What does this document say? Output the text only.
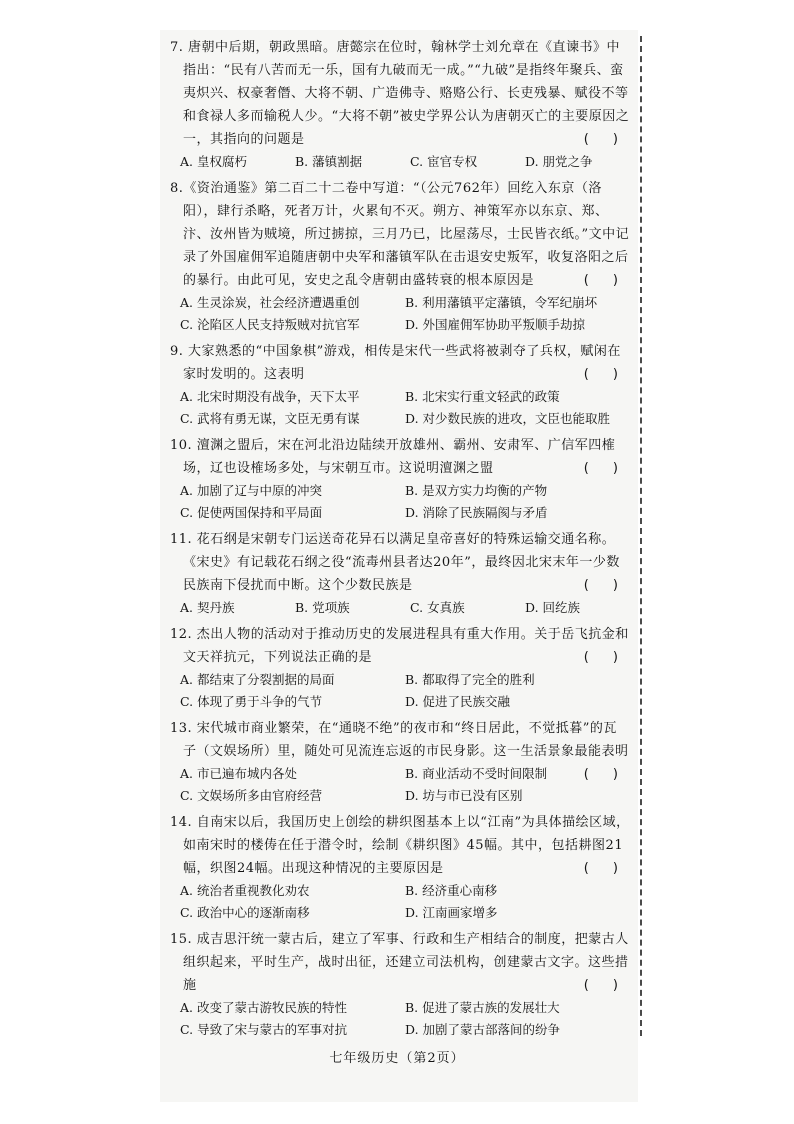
7. 唐朝中后期，朝政黑暗。唐懿宗在位时，翰林学士刘允章在《直谏书》中指出：“民有八苦而无一乐，国有九破而无一成。”“九破”是指终年聚兵、蛮夷炽兴、权豪奢僭、大将不朝、广造佛寺、赂赂公行、长吏残暴、赋役不等和食禄人多而输税人少。“大将不朝”被史学界公认为唐朝灭亡的主要原因之一，其指向的问题是	( )

A. 皇权腐朽	B. 藩镇割据	C. 宦官专权	D. 朋党之争

8.《资治通鉴》第二百二十二卷中写道：“（公元762年）回纥入东京（洛阳），肆行杀略，死者万计，火累旬不灭。朔方、神策军亦以东京、郑、汴、汝州皆为贼境，所过掳掠，三月乃已，比屋荡尽，士民皆衣纸。”文中记录了外国雇佣军追随唐朝中央军和藩镇军队在击退安史叛军，收复洛阳之后的暴行。由此可见，安史之乱令唐朝由盛转衰的根本原因是	( )

A. 生灵涂炭，社会经济遭遇重创	B. 利用藩镇平定藩镇，令军纪崩坏
C. 沦陷区人民支持叛贼对抗官军	D. 外国雇佣军协助平叛顺手劫掠

9. 大家熟悉的“中国象棋”游戏，相传是宋代一些武将被剥夺了兵权，赋闲在家时发明的。这表明	( )

A. 北宋时期没有战争，天下太平	B. 北宋实行重文轻武的政策
C. 武将有勇无谋，文臣无勇有谋	D. 对少数民族的进攻，文臣也能取胜

10. 澶渊之盟后，宋在河北沿边陆续开放雄州、霸州、安肃军、广信军四榷场，辽也设榷场多处，与宋朝互市。这说明澶渊之盟	( )

A. 加剧了辽与中原的冲突	B. 是双方实力均衡的产物
C. 促使两国保持和平局面	D. 消除了民族隔阂与矛盾

11. 花石纲是宋朝专门运送奇花异石以满足皇帝喜好的特殊运输交通名称。《宋史》有记载花石纲之役“流毒州县者达20年”，最终因北宋末年一少数民族南下侵扰而中断。这个少数民族是	( )

A. 契丹族	B. 党项族	C. 女真族	D. 回纥族

12. 杰出人物的活动对于推动历史的发展进程具有重大作用。关于岳飞抗金和文天祥抗元，下列说法正确的是	( )

A. 都结束了分裂割据的局面	B. 都取得了完全的胜利
C. 体现了勇于斗争的气节	D. 促进了民族交融

13. 宋代城市商业繁荣，在“通晓不绝”的夜市和“终日居此，不觉抵暮”的瓦子（文娱场所）里，随处可见流连忘返的市民身影。这一生活景象最能表明
( )

A. 市已遍布城内各处	B. 商业活动不受时间限制
C. 文娱场所多由官府经营	D. 坊与市已没有区别

14. 自南宋以后，我国历史上创绘的耕织图基本上以“江南”为具体描绘区域，如南宋时的楼俦在任于潜令时，绘制《耕织图》45幅。其中，包括耕图21幅，织图24幅。出现这种情况的主要原因是	( )

A. 统治者重视教化劝农	B. 经济重心南移
C. 政治中心的逐渐南移	D. 江南画家增多

15. 成吉思汗统一蒙古后，建立了军事、行政和生产相结合的制度，把蒙古人组织起来，平时生产，战时出征，还建立司法机构，创建蒙古文字。这些措施	( )

A. 改变了蒙古游牧民族的特性	B. 促进了蒙古族的发展壮大
C. 导致了宋与蒙古的军事对抗	D. 加剧了蒙古部落间的纷争
七年级历史（第2页）
